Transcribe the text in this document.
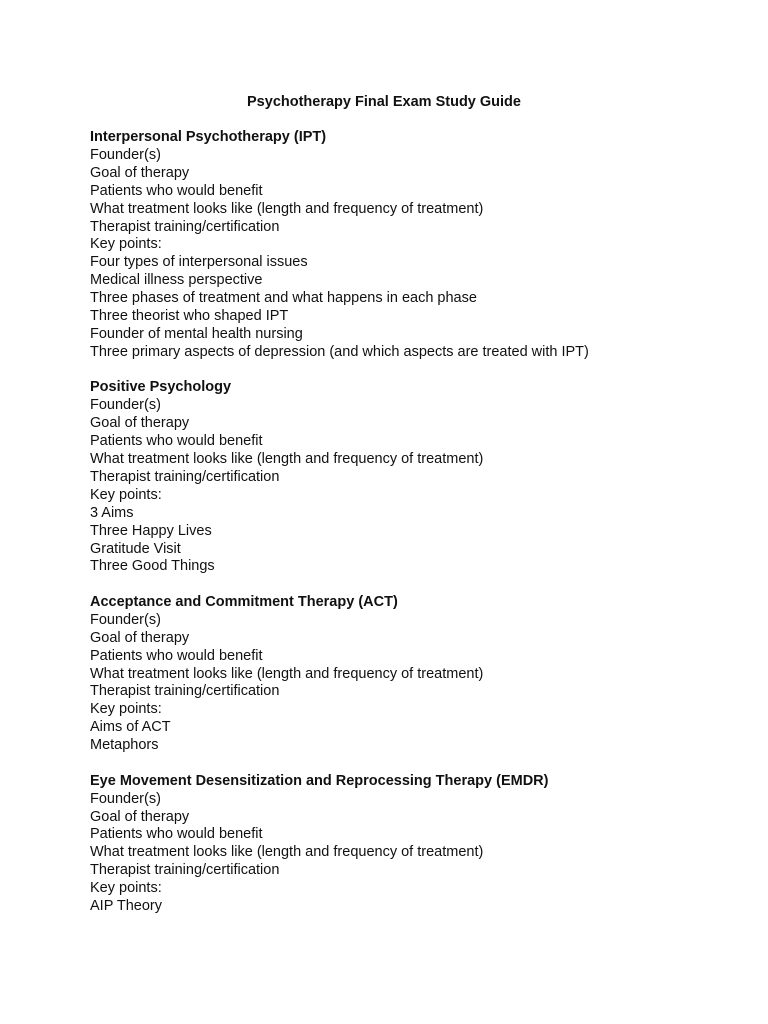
Psychotherapy Final Exam Study Guide
Interpersonal Psychotherapy (IPT)
Founder(s)
Goal of therapy
Patients who would benefit
What treatment looks like (length and frequency of treatment)
Therapist training/certification
Key points:
Four types of interpersonal issues
Medical illness perspective
Three phases of treatment and what happens in each phase
Three theorist who shaped IPT
Founder of mental health nursing
Three primary aspects of depression (and which aspects are treated with IPT)
Positive Psychology
Founder(s)
Goal of therapy
Patients who would benefit
What treatment looks like (length and frequency of treatment)
Therapist training/certification
Key points:
3 Aims
Three Happy Lives
Gratitude Visit
Three Good Things
Acceptance and Commitment Therapy (ACT)
Founder(s)
Goal of therapy
Patients who would benefit
What treatment looks like (length and frequency of treatment)
Therapist training/certification
Key points:
Aims of ACT
Metaphors
Eye Movement Desensitization and Reprocessing Therapy (EMDR)
Founder(s)
Goal of therapy
Patients who would benefit
What treatment looks like (length and frequency of treatment)
Therapist training/certification
Key points:
AIP Theory
